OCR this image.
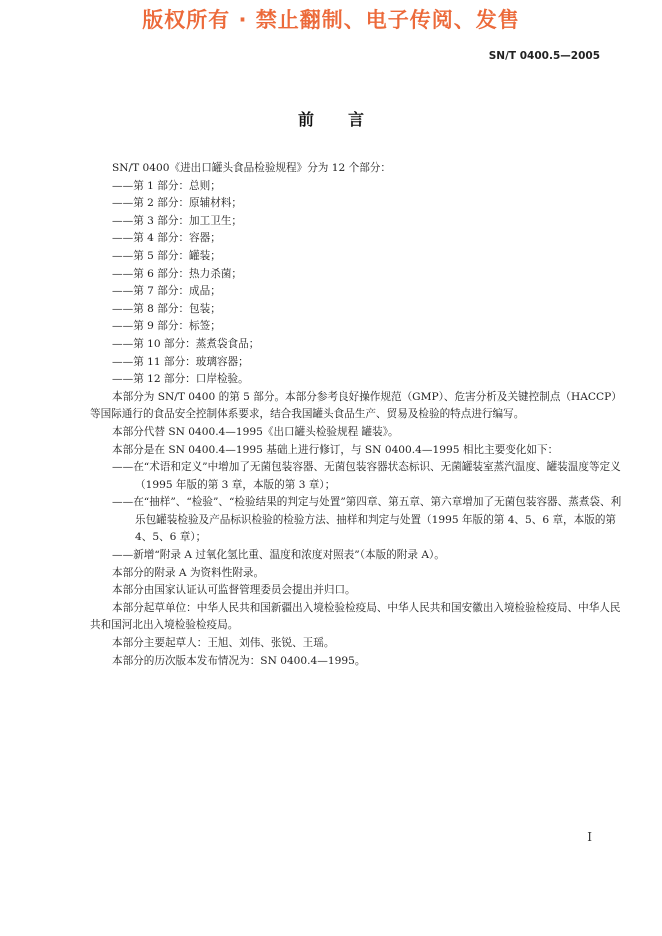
版权所有 · 禁止翻制、电子传阅、发售
SN/T 0400.5—2005
前言

SN/T 0400《进出口罐头食品检验规程》分为 12 个部分：

——第 1 部分：总则；

——第 2 部分：原辅材料；

——第 3 部分：加工卫生；

——第 4 部分：容器；

——第 5 部分：罐装；

——第 6 部分：热力杀菌；

——第 7 部分：成品；

——第 8 部分：包装；

——第 9 部分：标签；

——第 10 部分：蒸煮袋食品；

——第 11 部分：玻璃容器；

——第 12 部分：口岸检验。

本部分为 SN/T 0400 的第 5 部分。本部分参考良好操作规范（GMP）、危害分析及关键控制点（HACCP）等国际通行的食品安全控制体系要求，结合我国罐头食品生产、贸易及检验的特点进行编写。

本部分代替 SN 0400.4—1995《出口罐头检验规程 罐装》。

本部分是在 SN 0400.4—1995 基础上进行修订，与 SN 0400.4—1995 相比主要变化如下：

——在“术语和定义”中增加了无菌包装容器、无菌包装容器状态标识、无菌罐装室蒸汽温度、罐装温度等定义（1995 年版的第 3 章，本版的第 3 章）；

——在“抽样”、“检验”、“检验结果的判定与处置”第四章、第五章、第六章增加了无菌包装容器、蒸煮袋、利乐包罐装检验及产品标识检验的检验方法、抽样和判定与处置（1995 年版的第 4、5、6 章，本版的第 4、5、6 章）；

——新增“附录 A 过氧化氢比重、温度和浓度对照表”（本版的附录 A）。

本部分的附录 A 为资料性附录。

本部分由国家认证认可监督管理委员会提出并归口。

本部分起草单位：中华人民共和国新疆出入境检验检疫局、中华人民共和国安徽出入境检验检疫局、中华人民共和国河北出入境检验检疫局。

本部分主要起草人：王旭、刘伟、张锐、王瑶。

本部分的历次版本发布情况为：SN 0400.4—1995。

I
